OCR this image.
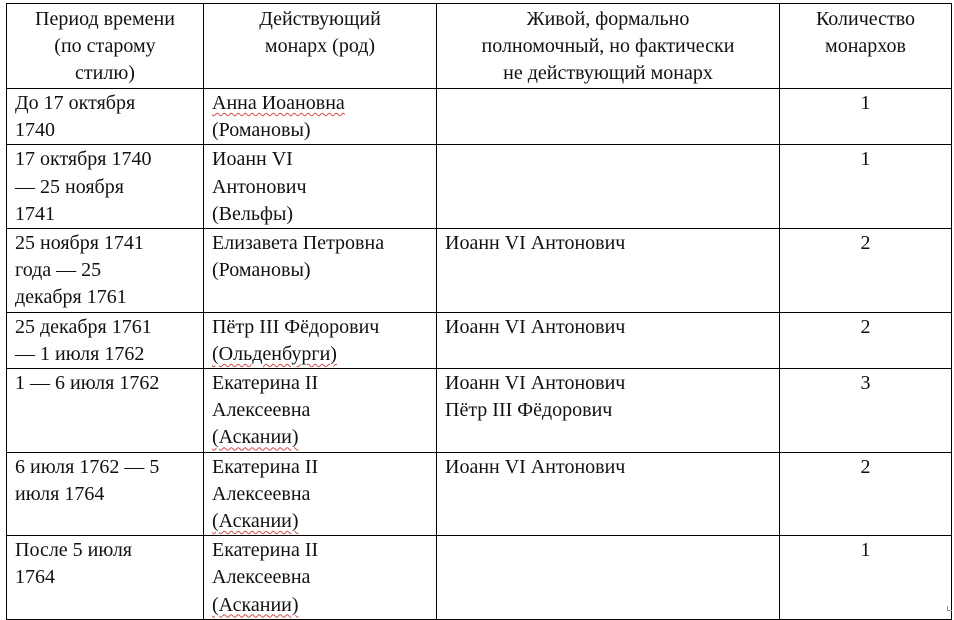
Период времени
(по старому
стилю)	Действующий
монарх (род)	Живой, формально
полномочный, но фактически
не действующий монарх	Количество
монархов

До 17 октября
1740	Анна Иоановна
(Романовы)		1

17 октября 1740
— 25 ноября
1741	Иоанн VI
Антонович
(Вельфы)		1

25 ноября 1741
года — 25
декабря 1761	Елизавета Петровна
(Романовы)	Иоанн VI Антонович	2

25 декабря 1761
— 1 июля 1762	Пётр III Фёдорович
(Ольденбурги)	Иоанн VI Антонович	2

1 — 6 июля 1762	Екатерина II
Алексеевна
(Аскании)	Иоанн VI Антонович
Пётр III Фёдорович	3

6 июля 1762 — 5
июля 1764	Екатерина II
Алексеевна
(Аскании)	Иоанн VI Антонович	2

После 5 июля
1764	Екатерина II
Алексеевна
(Аскании)		1
